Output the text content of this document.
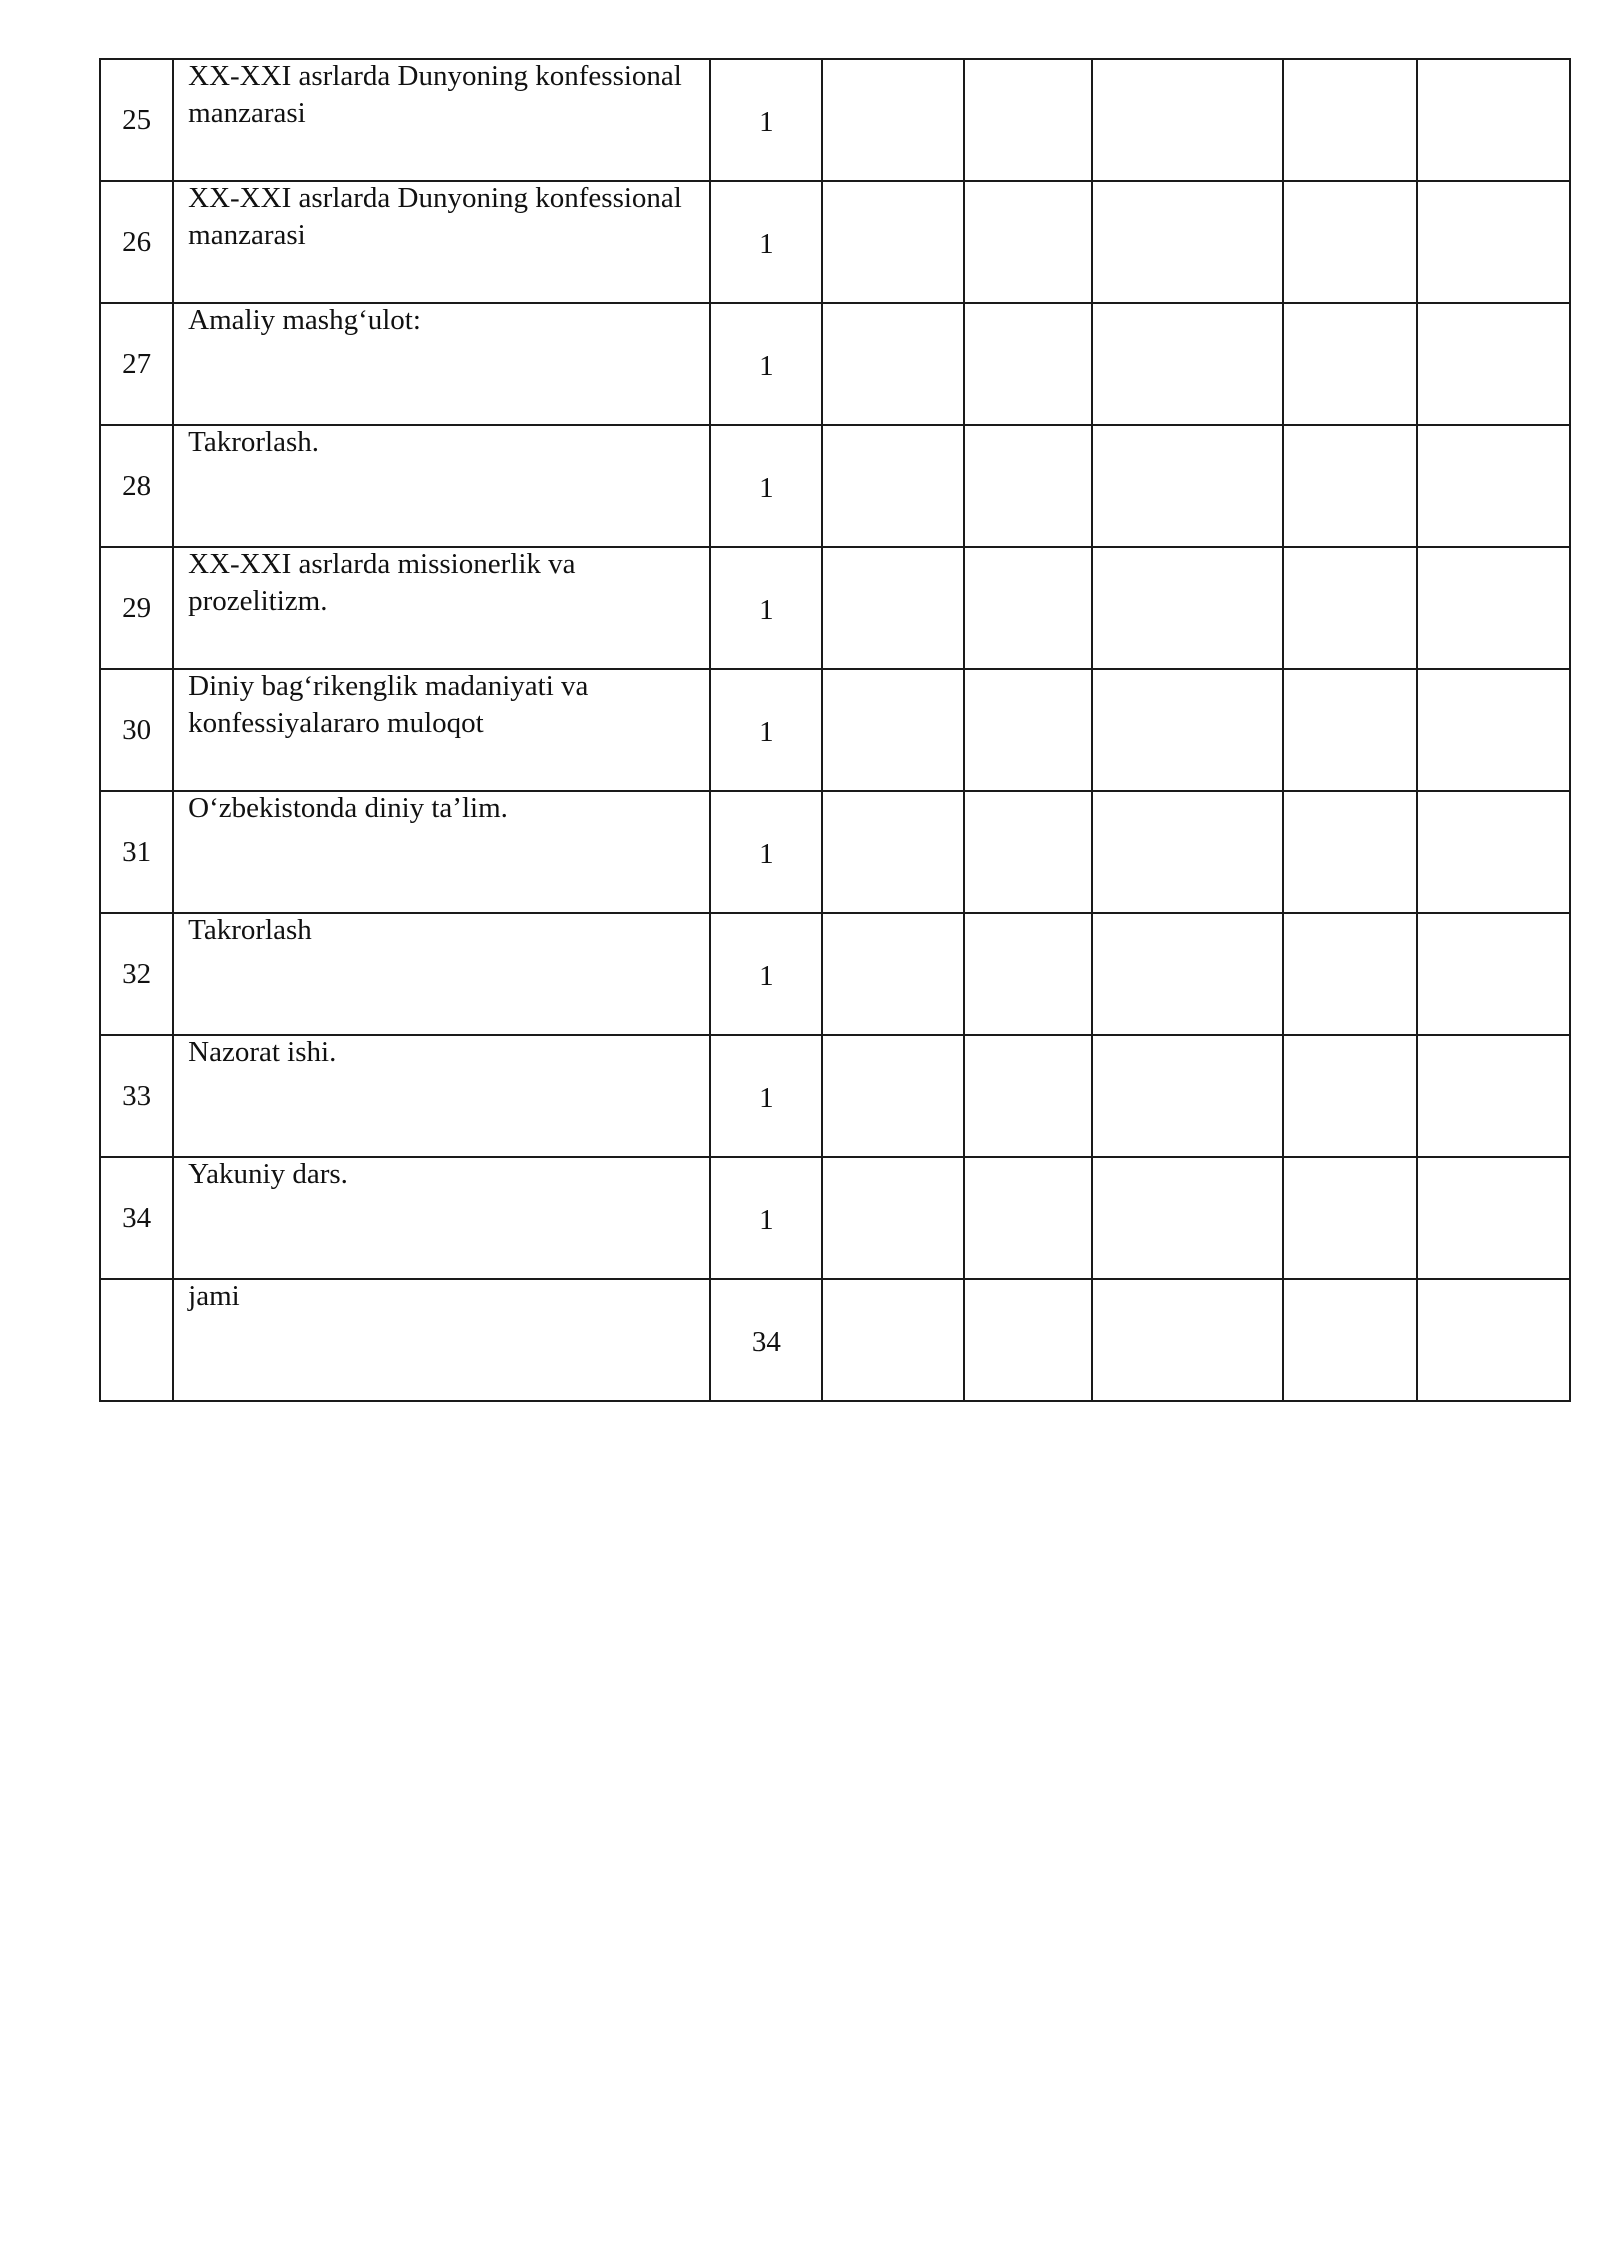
25	XX-XXI asrlarda Dunyoning konfessional manzarasi	1					
26	XX-XXI asrlarda Dunyoning konfessional manzarasi	1					
27	Amaliy mashg‘ulot:	1					
28	Takrorlash.	1					
29	XX-XXI asrlarda missionerlik va prozelitizm.	1					
30	Diniy bag‘rikenglik madaniyati va konfessiyalararo muloqot	1					
31	O‘zbekistonda diniy ta’lim.	1					
32	Takrorlash	1					
33	Nazorat ishi.	1					
34	Yakuniy dars.	1					

	jami	34					
